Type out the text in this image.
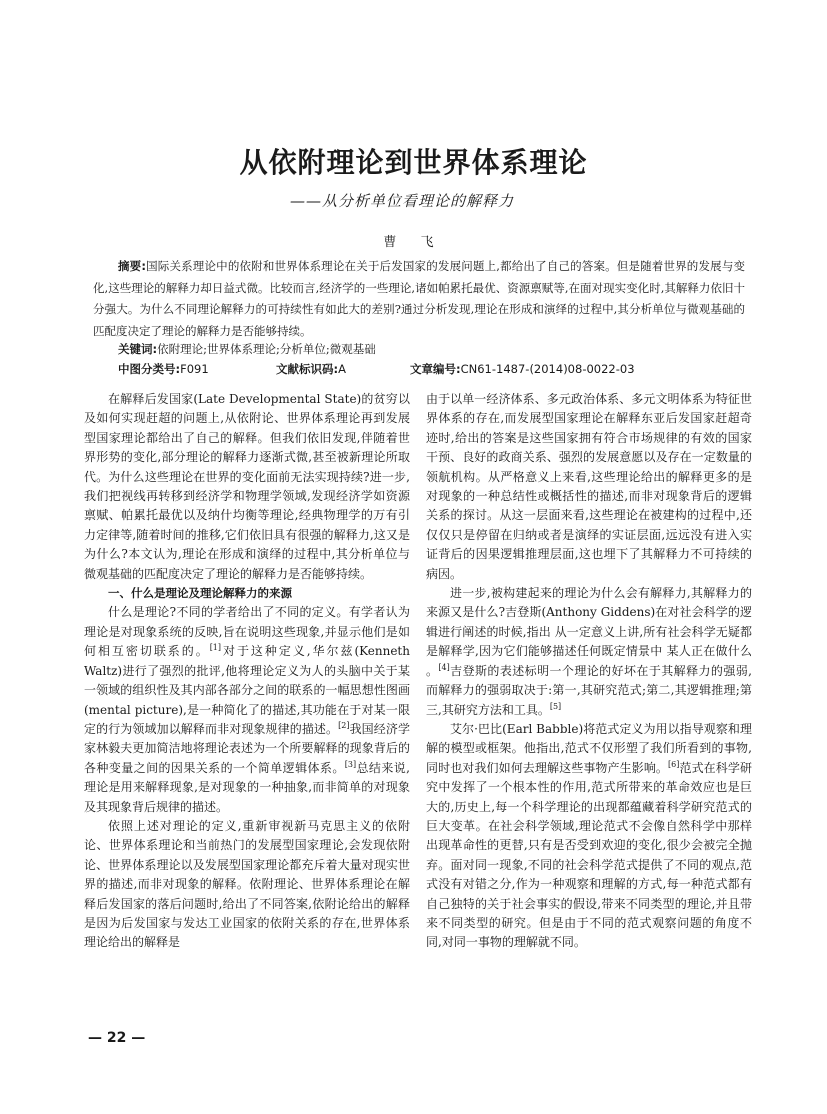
从依附理论到世界体系理论
——从分析单位看理论的解释力
曹 飞

摘要:国际关系理论中的依附和世界体系理论在关于后发国家的发展问题上,都给出了自己的答案。但是随着世界的发展与变化,这些理论的解释力却日益式微。比较而言,经济学的一些理论,诸如帕累托最优、资源禀赋等,在面对现实变化时,其解释力依旧十分强大。为什么不同理论解释力的可持续性有如此大的差别?通过分析发现,理论在形成和演绎的过程中,其分析单位与微观基础的匹配度决定了理论的解释力是否能够持续。

关键词:依附理论;世界体系理论;分析单位;微观基础
中图分类号:F091	文献标识码:A	文章编号:CN61-1487-(2014)08-0022-03

在解释后发国家(Late Developmental State)的贫穷以及如何实现赶超的问题上,从依附论、世界体系理论再到发展型国家理论都给出了自己的解释。但我们依旧发现,伴随着世界形势的变化,部分理论的解释力逐渐式微,甚至被新理论所取代。为什么这些理论在世界的变化面前无法实现持续?进一步,我们把视线再转移到经济学和物理学领域,发现经济学如资源禀赋、帕累托最优以及纳什均衡等理论,经典物理学的万有引力定律等,随着时间的推移,它们依旧具有很强的解释力,这又是为什么?本文认为,理论在形成和演绎的过程中,其分析单位与微观基础的匹配度决定了理论的解释力是否能够持续。

一、什么是理论及理论解释力的来源

什么是理论?不同的学者给出了不同的定义。有学者认为理论是对现象系统的反映,旨在说明这些现象,并显示他们是如何相互密切联系的。[1]对于这种定义,华尔兹(Kenneth Waltz)进行了强烈的批评,他将理论定义为人的头脑中关于某一领域的组织性及其内部各部分之间的联系的一幅思想性图画(mental picture),是一种简化了的描述,其功能在于对某一限定的行为领域加以解释而非对现象规律的描述。[2]我国经济学家林毅夫更加简洁地将理论表述为一个所要解释的现象背后的各种变量之间的因果关系的一个简单逻辑体系。[3]总结来说,理论是用来解释现象,是对现象的一种抽象,而非简单的对现象及其现象背后规律的描述。

依照上述对理论的定义,重新审视新马克思主义的依附论、世界体系理论和当前热门的发展型国家理论,会发现依附论、世界体系理论以及发展型国家理论都充斥着大量对现实世界的描述,而非对现象的解释。依附理论、世界体系理论在解释后发国家的落后问题时,给出了不同答案,依附论给出的解释是因为后发国家与发达工业国家的依附关系的存在,世界体系理论给出的解释是

由于以单一经济体系、多元政治体系、多元文明体系为特征世界体系的存在,而发展型国家理论在解释东亚后发国家赶超奇迹时,给出的答案是这些国家拥有符合市场规律的有效的国家干预、良好的政商关系、强烈的发展意愿以及存在一定数量的领航机构。从严格意义上来看,这些理论给出的解释更多的是对现象的一种总结性或概括性的描述,而非对现象背后的逻辑关系的探讨。从这一层面来看,这些理论在被建构的过程中,还仅仅只是停留在归纳或者是演绎的实证层面,远远没有进入实证背后的因果逻辑推理层面,这也埋下了其解释力不可持续的病因。

进一步,被构建起来的理论为什么会有解释力,其解释力的来源又是什么?吉登斯(Anthony Giddens)在对社会科学的逻辑进行阐述的时候,指出 从一定意义上讲,所有社会科学无疑都是解释学,因为它们能够描述任何既定情景中 某人正在做什么 。[4]吉登斯的表述标明一个理论的好坏在于其解释力的强弱,而解释力的强弱取决于:第一,其研究范式;第二,其逻辑推理;第三,其研究方法和工具。[5]

艾尔·巴比(Earl Babble)将范式定义为用以指导观察和理解的模型或框架。他指出,范式不仅形塑了我们所看到的事物,同时也对我们如何去理解这些事物产生影响。[6]范式在科学研究中发挥了一个根本性的作用,范式所带来的革命效应也是巨大的,历史上,每一个科学理论的出现都蕴藏着科学研究范式的巨大变革。在社会科学领域,理论范式不会像自然科学中那样出现革命性的更替,只有是否受到欢迎的变化,很少会被完全抛弃。面对同一现象,不同的社会科学范式提供了不同的观点,范式没有对错之分,作为一种观察和理解的方式,每一种范式都有自己独特的关于社会事实的假设,带来不同类型的理论,并且带来不同类型的研究。但是由于不同的范式观察问题的角度不同,对同一事物的理解就不同。

— 22 —
